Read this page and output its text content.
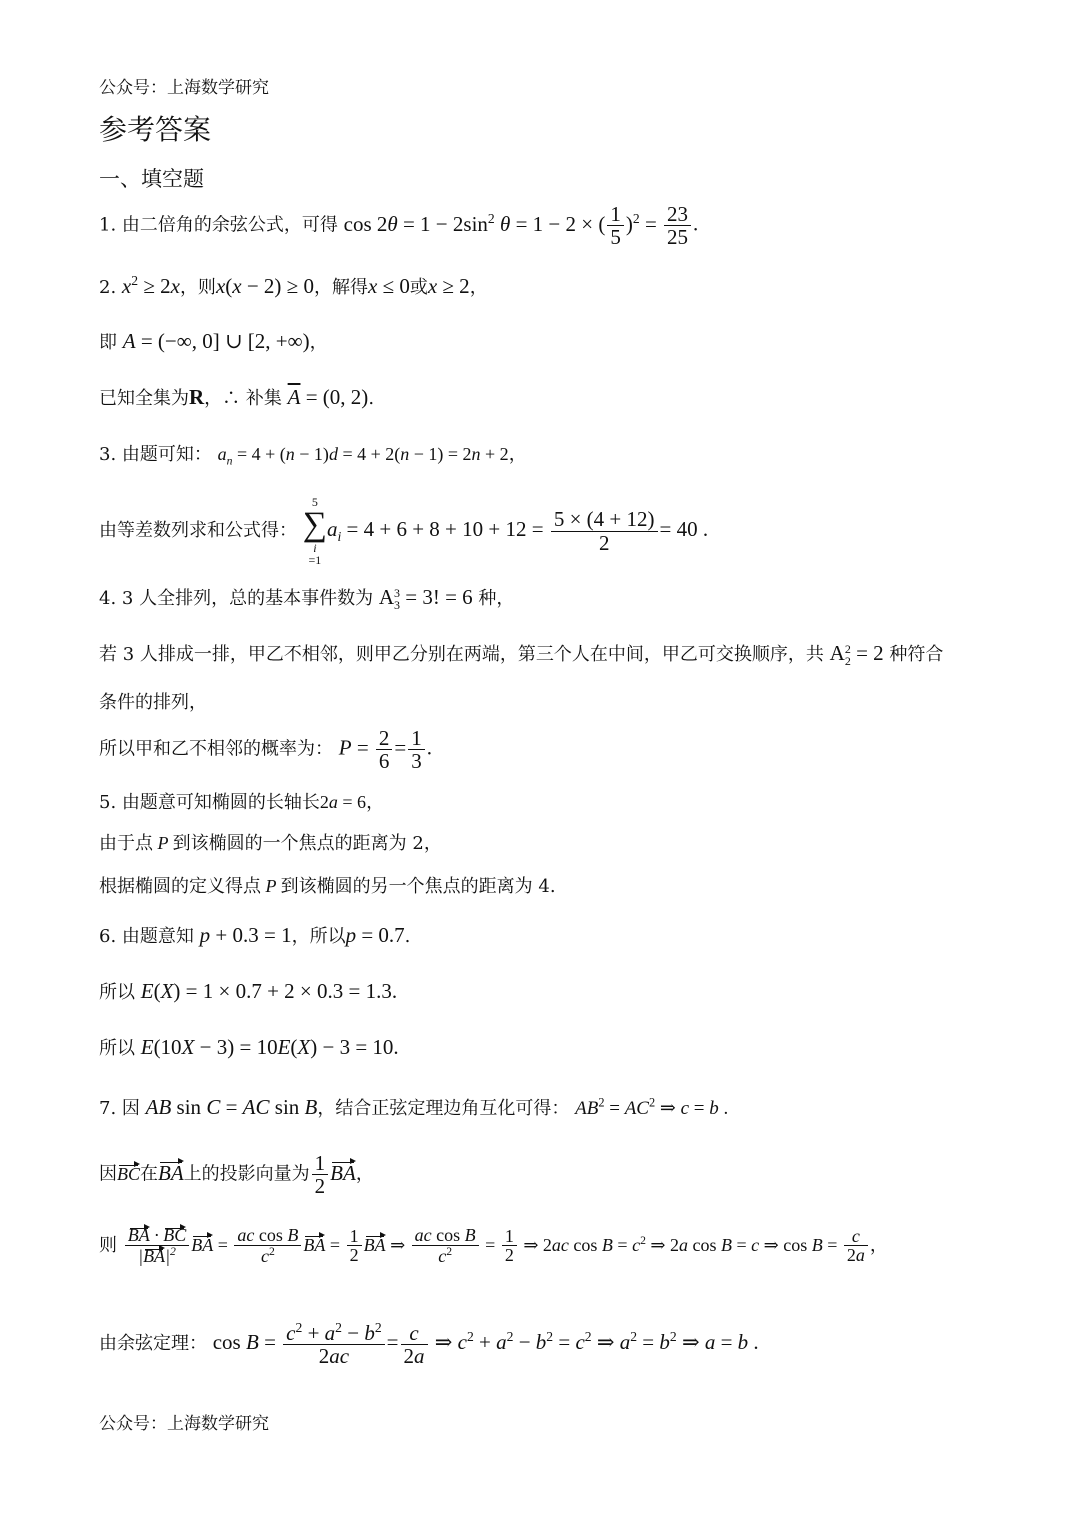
公众号：上海数学研究
参考答案
一、填空题
1. 由二倍角的余弦公式，可得 $\cos 2\theta = 1 - 2\sin^2$ θ = 1 − 2 × ( $\frac{1}{5} )^2 = \frac{23}{25}$ .
2. $x^2 \ge 2x$，则x(x − 2) ≥ 0，解得x ≤ 0或x ≥ 2，
即 A = (−∞, 0] ∪ [2, +∞)，
已知全集为R，∴ 补集 $\overline{A} = (0$, 2).
3. 由题可知： $a_n = 4 + (n - 1)d = 4 + 2(n - 1) = 2n + 2$，
由等差数列求和公式得：
5
∑
i
=1
$a_i = 4 + 6 + 8 + 10 + 12 = \frac{5 \times (4 + 12)}{2} = 40$ .
4. 3 人全排列，总的基本事件数为 A 3
3 = 3! = 6 种，
若 3 人排成一排，甲乙不相邻，则甲乙分别在两端，第三个人在中间，甲乙可交换顺序，共 A 2
2 = 2 种符合
条件的排列，
所以甲和乙不相邻的概率为： $P = \frac{2}{6} = \frac{1}{3}$ .
5. 由题意可知椭圆的长轴长2a = 6，
由于点 P 到该椭圆的一个焦点的距离为 2，
根据椭圆的定义得点 P 到该椭圆的另一个焦点的距离为 4.
6. 由题意知 p + 0.3 = 1，所以p = 0.7.
所以 E(X) = 1 × 0.7 + 2 × 0.3 = 1.3.
所以 E(10X − 3) = 10E(X) − 3 = 10.
7. 因 AB sin C = AC sin B，结合正弦定理边角互化可得： $AB^2 = AC^2$ ⇒ c = b .
因BC在BA上的投影向量为 $\frac{1}{2}$ BA，
则 $\frac{BA \cdot BC}{|BA|^2}$ BA = $\frac{\text{ac cos B}}{c^2}$ BA = $\frac{1}{2}$ BA ⇒ $\frac{\text{ac cos B}}{c^2} = \frac{1}{2}$ ⇒ 2ac $\cos B = c^2$ ⇒ 2a cos B = c ⇒ $\cos B = \frac{c}{2a}$ ，
由余弦定理： $\cos B = \frac{c^2 + a^2 - b^2}{2ac} = \frac{c}{2a}$ ⇒ $c^2 + a^2 - b^2 = c^2$ ⇒ $a^2 = b^2$ ⇒ a = b .
公众号：上海数学研究
